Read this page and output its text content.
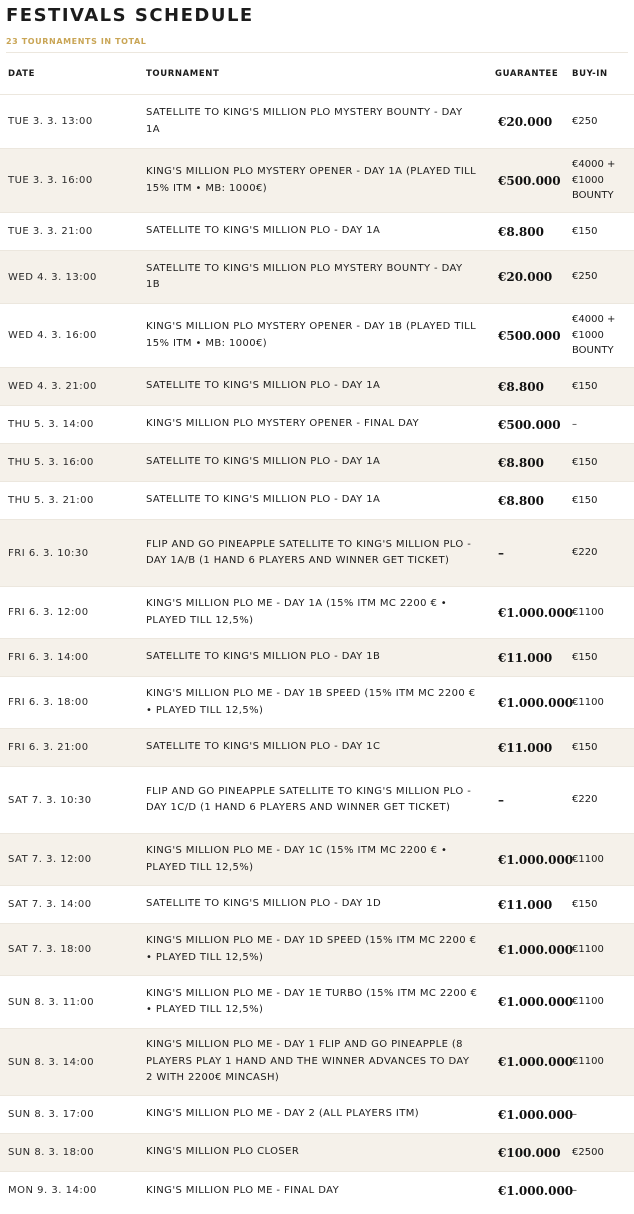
FESTIVALS SCHEDULE
23 TOURNAMENTS IN TOTAL
DATE	TOURNAMENT	GUARANTEE	BUY-IN
TUE 3. 3. 13:00	SATELLITE TO KING'S MILLION PLO MYSTERY BOUNTY - DAY 1A	€20.000	€250
TUE 3. 3. 16:00	KING'S MILLION PLO MYSTERY OPENER - DAY 1A (PLAYED TILL 15% ITM • MB: 1000€)	€500.000	€4000 + €1000 BOUNTY
TUE 3. 3. 21:00	SATELLITE TO KING'S MILLION PLO - DAY 1A	€8.800	€150
WED 4. 3. 13:00	SATELLITE TO KING'S MILLION PLO MYSTERY BOUNTY - DAY 1B	€20.000	€250
WED 4. 3. 16:00	KING'S MILLION PLO MYSTERY OPENER - DAY 1B (PLAYED TILL 15% ITM • MB: 1000€)	€500.000	€4000 + €1000 BOUNTY
WED 4. 3. 21:00	SATELLITE TO KING'S MILLION PLO - DAY 1A	€8.800	€150
THU 5. 3. 14:00	KING'S MILLION PLO MYSTERY OPENER - FINAL DAY	€500.000	–
THU 5. 3. 16:00	SATELLITE TO KING'S MILLION PLO - DAY 1A	€8.800	€150
THU 5. 3. 21:00	SATELLITE TO KING'S MILLION PLO - DAY 1A	€8.800	€150
FRI 6. 3. 10:30	FLIP AND GO PINEAPPLE SATELLITE TO KING'S MILLION PLO - DAY 1A/B (1 HAND 6 PLAYERS AND WINNER GET TICKET)	–	€220
FRI 6. 3. 12:00	KING'S MILLION PLO ME - DAY 1A (15% ITM MC 2200 € • PLAYED TILL 12,5%)	€1.000.000	€1100
FRI 6. 3. 14:00	SATELLITE TO KING'S MILLION PLO - DAY 1B	€11.000	€150
FRI 6. 3. 18:00	KING'S MILLION PLO ME - DAY 1B SPEED (15% ITM MC 2200 € • PLAYED TILL 12,5%)	€1.000.000	€1100
FRI 6. 3. 21:00	SATELLITE TO KING'S MILLION PLO - DAY 1C	€11.000	€150
SAT 7. 3. 10:30	FLIP AND GO PINEAPPLE SATELLITE TO KING'S MILLION PLO - DAY 1C/D (1 HAND 6 PLAYERS AND WINNER GET TICKET)	–	€220
SAT 7. 3. 12:00	KING'S MILLION PLO ME - DAY 1C (15% ITM MC 2200 € • PLAYED TILL 12,5%)	€1.000.000	€1100
SAT 7. 3. 14:00	SATELLITE TO KING'S MILLION PLO - DAY 1D	€11.000	€150
SAT 7. 3. 18:00	KING'S MILLION PLO ME - DAY 1D SPEED (15% ITM MC 2200 € • PLAYED TILL 12,5%)	€1.000.000	€1100
SUN 8. 3. 11:00	KING'S MILLION PLO ME - DAY 1E TURBO (15% ITM MC 2200 € • PLAYED TILL 12,5%)	€1.000.000	€1100
SUN 8. 3. 14:00	KING'S MILLION PLO ME - DAY 1 FLIP AND GO PINEAPPLE (8 PLAYERS PLAY 1 HAND AND THE WINNER ADVANCES TO DAY 2 WITH 2200€ MINCASH)	€1.000.000	€1100
SUN 8. 3. 17:00	KING'S MILLION PLO ME - DAY 2 (ALL PLAYERS ITM)	€1.000.000	–
SUN 8. 3. 18:00	KING'S MILLION PLO CLOSER	€100.000	€2500
MON 9. 3. 14:00	KING'S MILLION PLO ME - FINAL DAY	€1.000.000	–
